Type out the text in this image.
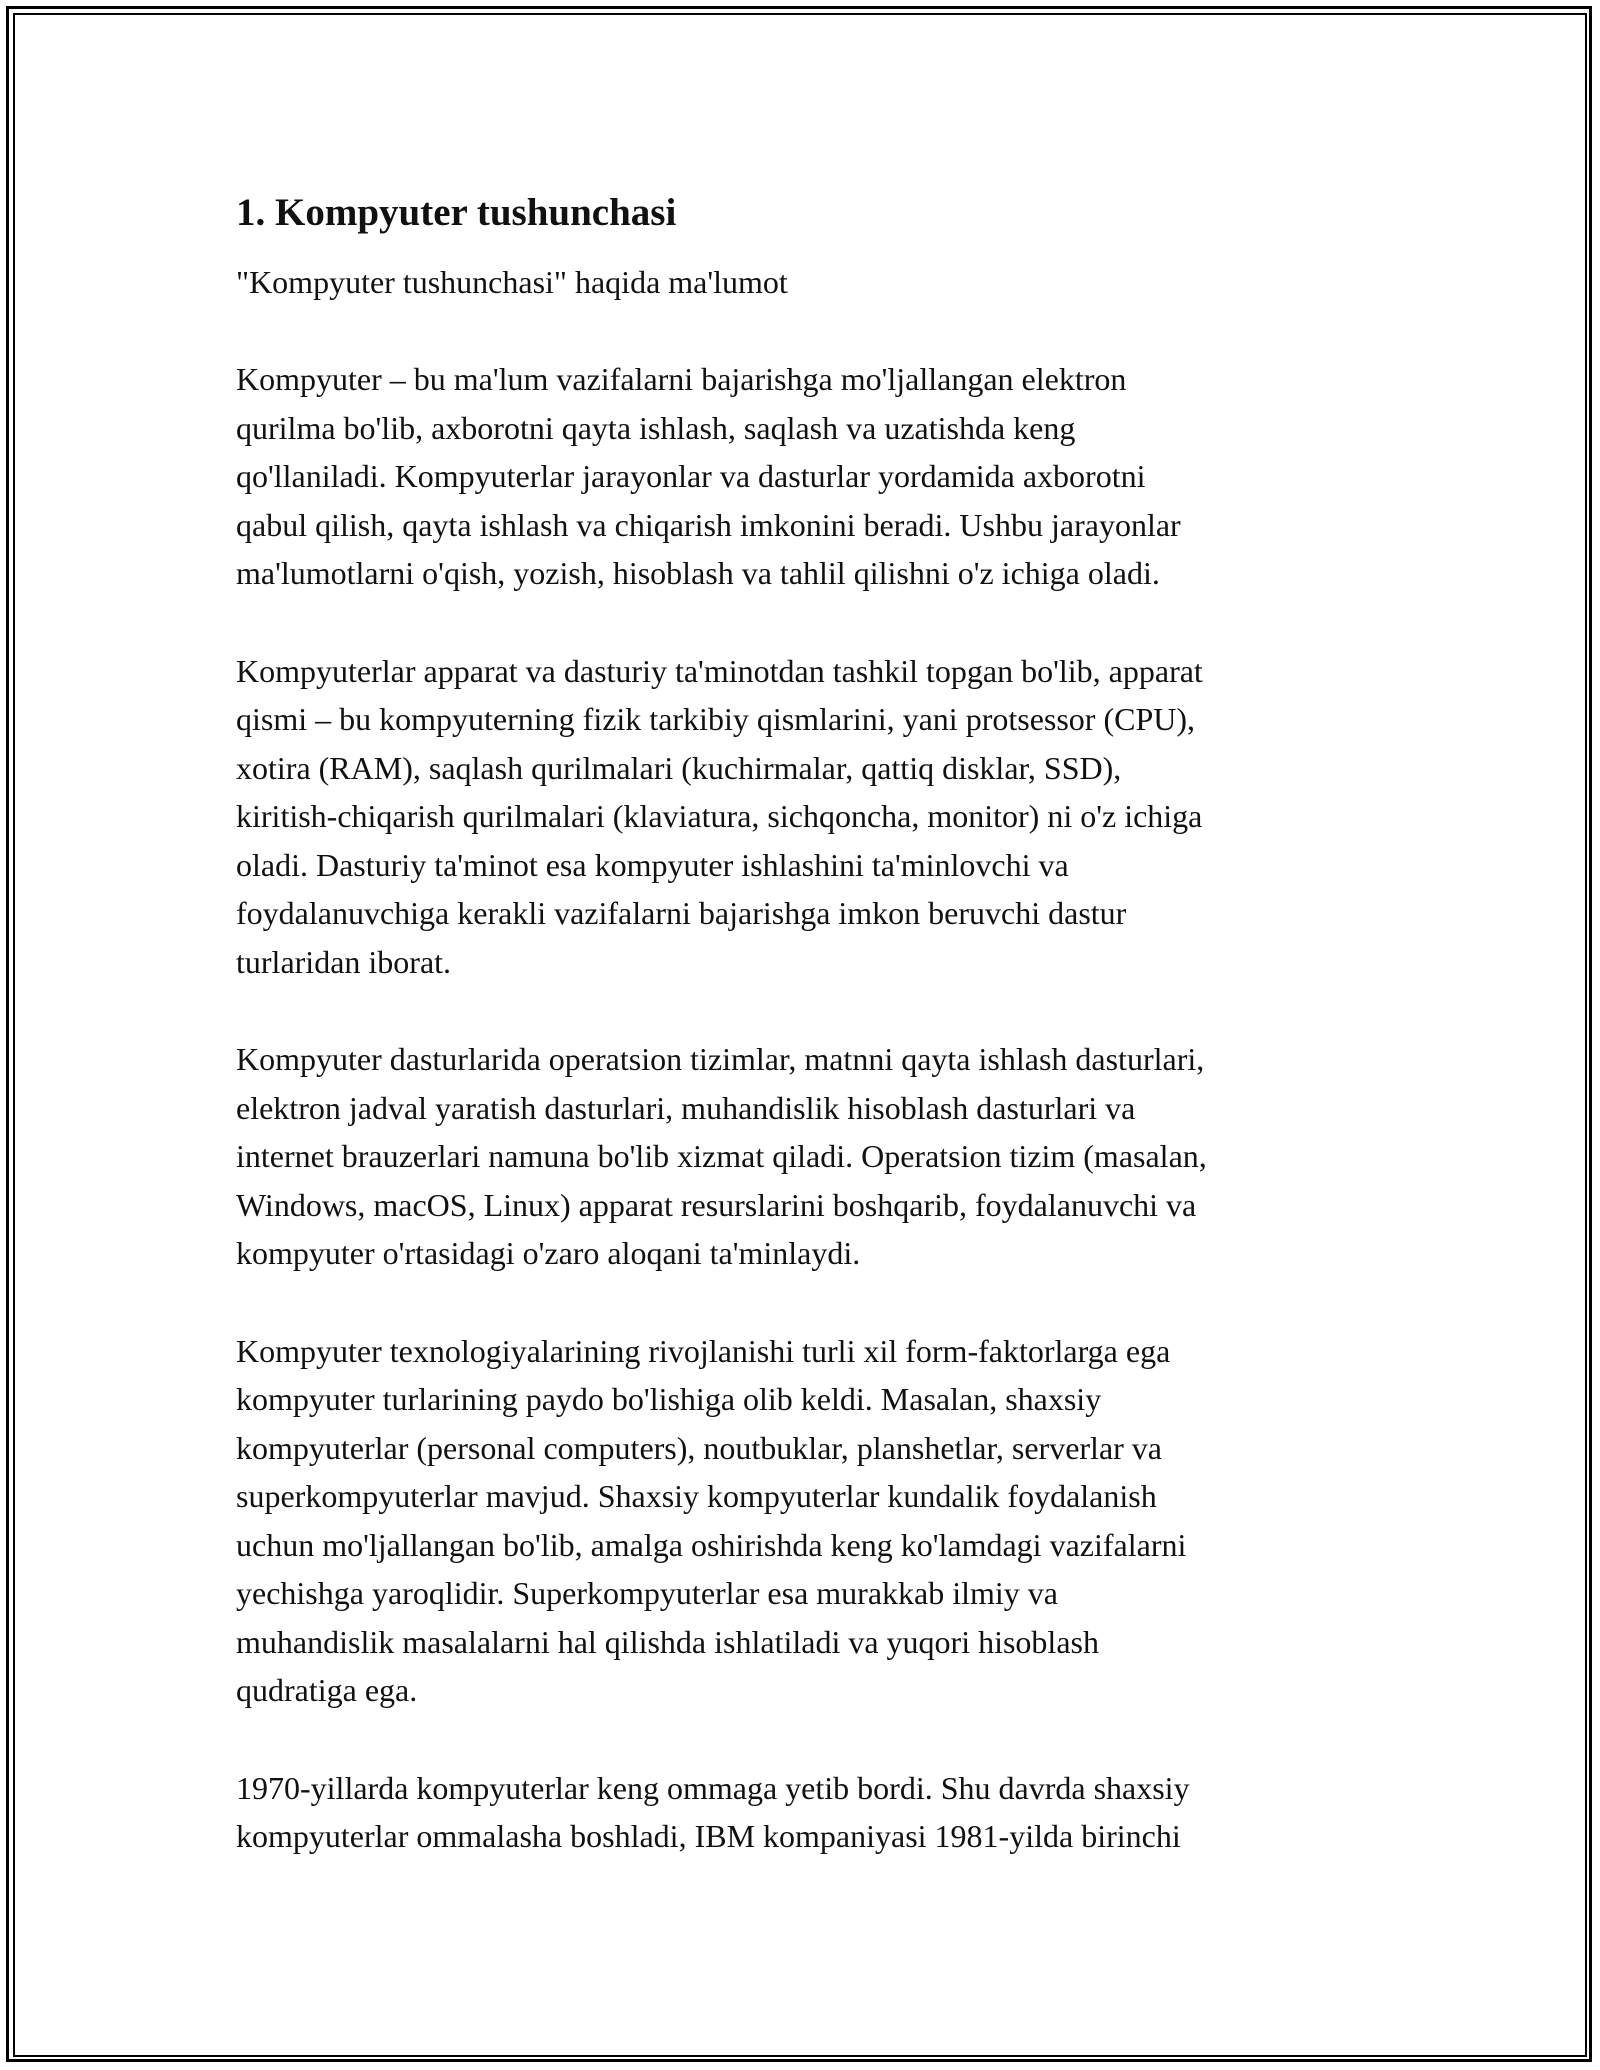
1. Kompyuter tushunchasi

"Kompyuter tushunchasi" haqida ma'lumot

Kompyuter – bu ma'lum vazifalarni bajarishga mo'ljallangan elektron
qurilma bo'lib, axborotni qayta ishlash, saqlash va uzatishda keng
qo'llaniladi. Kompyuterlar jarayonlar va dasturlar yordamida axborotni
qabul qilish, qayta ishlash va chiqarish imkonini beradi. Ushbu jarayonlar
ma'lumotlarni o'qish, yozish, hisoblash va tahlil qilishni o'z ichiga oladi.

Kompyuterlar apparat va dasturiy ta'minotdan tashkil topgan bo'lib, apparat
qismi – bu kompyuterning fizik tarkibiy qismlarini, yani protsessor (CPU),
xotira (RAM), saqlash qurilmalari (kuchirmalar, qattiq disklar, SSD),
kiritish-chiqarish qurilmalari (klaviatura, sichqoncha, monitor) ni o'z ichiga
oladi. Dasturiy ta'minot esa kompyuter ishlashini ta'minlovchi va
foydalanuvchiga kerakli vazifalarni bajarishga imkon beruvchi dastur
turlaridan iborat.

Kompyuter dasturlarida operatsion tizimlar, matnni qayta ishlash dasturlari,
elektron jadval yaratish dasturlari, muhandislik hisoblash dasturlari va
internet brauzerlari namuna bo'lib xizmat qiladi. Operatsion tizim (masalan,
Windows, macOS, Linux) apparat resurslarini boshqarib, foydalanuvchi va
kompyuter o'rtasidagi o'zaro aloqani ta'minlaydi.

Kompyuter texnologiyalarining rivojlanishi turli xil form-faktorlarga ega
kompyuter turlarining paydo bo'lishiga olib keldi. Masalan, shaxsiy
kompyuterlar (personal computers), noutbuklar, planshetlar, serverlar va
superkompyuterlar mavjud. Shaxsiy kompyuterlar kundalik foydalanish
uchun mo'ljallangan bo'lib, amalga oshirishda keng ko'lamdagi vazifalarni
yechishga yaroqlidir. Superkompyuterlar esa murakkab ilmiy va
muhandislik masalalarni hal qilishda ishlatiladi va yuqori hisoblash
qudratiga ega.

1970-yillarda kompyuterlar keng ommaga yetib bordi. Shu davrda shaxsiy
kompyuterlar ommalasha boshladi, IBM kompaniyasi 1981-yilda birinchi
